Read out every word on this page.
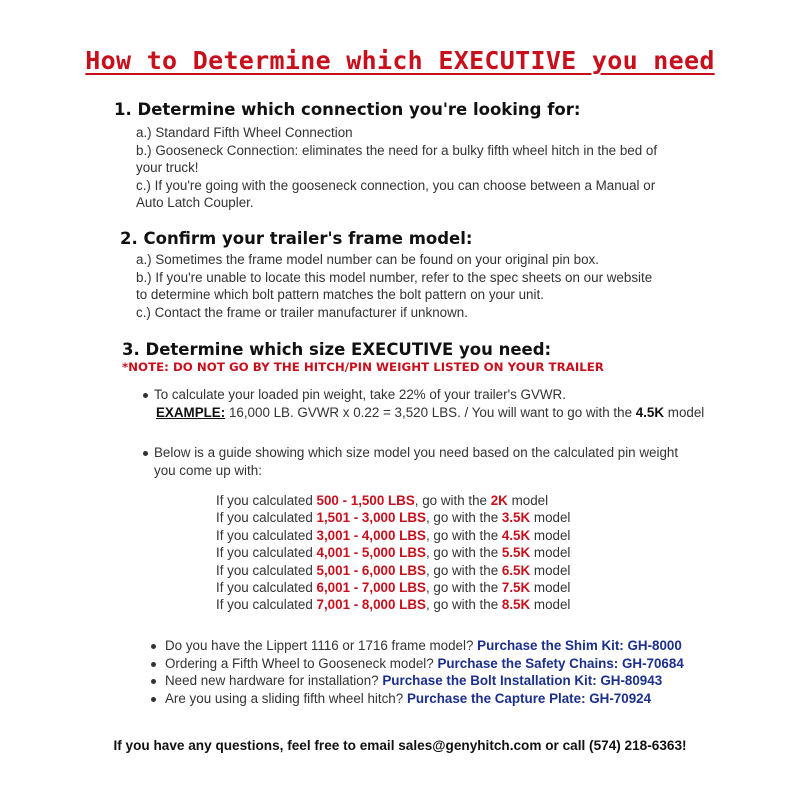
How to Determine which EXECUTIVE you need
1. Determine which connection you're looking for:
a.) Standard Fifth Wheel Connection
b.) Gooseneck Connection: eliminates the need for a bulky fifth wheel hitch in the bed of your truck!
c.) If you're going with the gooseneck connection, you can choose between a Manual or Auto Latch Coupler.
2. Confirm your trailer's frame model:
a.) Sometimes the frame model number can be found on your original pin box.
b.) If you're unable to locate this model number, refer to the spec sheets on our website to determine which bolt pattern matches the bolt pattern on your unit.
c.) Contact the frame or trailer manufacturer if unknown.
3. Determine which size EXECUTIVE you need:
*NOTE: DO NOT GO BY THE HITCH/PIN WEIGHT LISTED ON YOUR TRAILER
To calculate your loaded pin weight, take 22% of your trailer's GVWR.
EXAMPLE: 16,000 LB. GVWR x 0.22 = 3,520 LBS. / You will want to go with the 4.5K model
Below is a guide showing which size model you need based on the calculated pin weight you come up with:
If you calculated 500 - 1,500 LBS, go with the 2K model
If you calculated 1,501 - 3,000 LBS, go with the 3.5K model
If you calculated 3,001 - 4,000 LBS, go with the 4.5K model
If you calculated 4,001 - 5,000 LBS, go with the 5.5K model
If you calculated 5,001 - 6,000 LBS, go with the 6.5K model
If you calculated 6,001 - 7,000 LBS, go with the 7.5K model
If you calculated 7,001 - 8,000 LBS, go with the 8.5K model
Do you have the Lippert 1116 or 1716 frame model? Purchase the Shim Kit: GH-8000
Ordering a Fifth Wheel to Gooseneck model? Purchase the Safety Chains: GH-70684
Need new hardware for installation? Purchase the Bolt Installation Kit: GH-80943
Are you using a sliding fifth wheel hitch? Purchase the Capture Plate: GH-70924
If you have any questions, feel free to email sales@genyhitch.com or call (574) 218-6363!
